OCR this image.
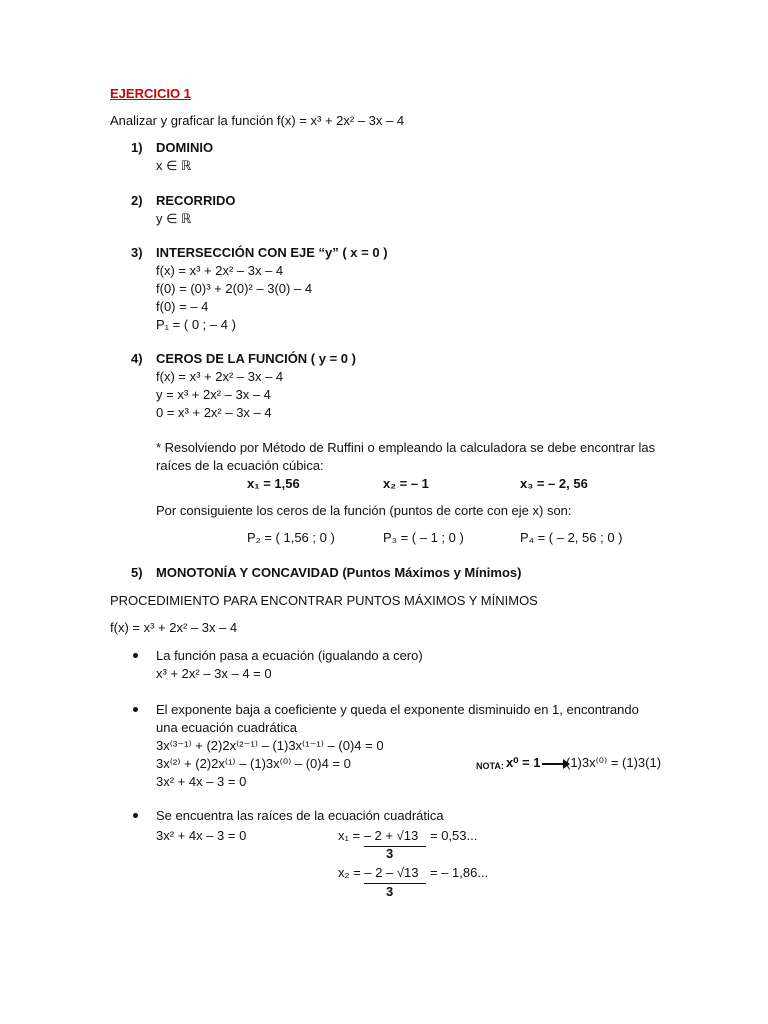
EJERCICIO 1
Analizar y graficar la función f(x) = x³ + 2x² – 3x – 4
1) DOMINIO
x ∈ ℝ
2) RECORRIDO
y ∈ ℝ
3) INTERSECCIÓN CON EJE “y” ( x = 0 )
f(x) = x³ + 2x² – 3x – 4
f(0) = (0)³ + 2(0)² – 3(0) – 4
f(0) = – 4
P₁ = ( 0 ; – 4 )
4) CEROS DE LA FUNCIÓN ( y = 0 )
f(x) = x³ + 2x² – 3x – 4
y = x³ + 2x² – 3x – 4
0 = x³ + 2x² – 3x – 4
* Resolviendo por Método de Ruffini o empleando la calculadora se debe encontrar las
raíces de la ecuación cúbica:
x₁ = 1,56	x₂ = – 1	x₃ = – 2, 56
Por consiguiente los ceros de la función (puntos de corte con eje x) son:
P₂ = ( 1,56 ; 0 )	P₃ = ( – 1 ; 0 )	P₄ = ( – 2, 56 ; 0 )
5) MONOTONÍA Y CONCAVIDAD (Puntos Máximos y Mínimos)
PROCEDIMIENTO PARA ENCONTRAR PUNTOS MÁXIMOS Y MÍNIMOS
f(x) = x³ + 2x² – 3x – 4
La función pasa a ecuación (igualando a cero)
x³ + 2x² – 3x – 4 = 0
El exponente baja a coeficiente y queda el exponente disminuido en 1, encontrando
una ecuación cuadrática
3x⁽³⁻¹⁾ + (2)2x⁽²⁻¹⁾ – (1)3x⁽¹⁻¹⁾ – (0)4 = 0
3x⁽²⁾ + (2)2x⁽¹⁾ – (1)3x⁽⁰⁾ – (0)4 = 0
3x² + 4x – 3 = 0
NOTA: x⁰ = 1 (1)3x⁽⁰⁾ = (1)3(1)
Se encuentra las raíces de la ecuación cuadrática
3x² + 4x – 3 = 0	x₁ = – 2 + √13 = 0,53...
3
x₂ = – 2 – √13 = – 1,86...
3
